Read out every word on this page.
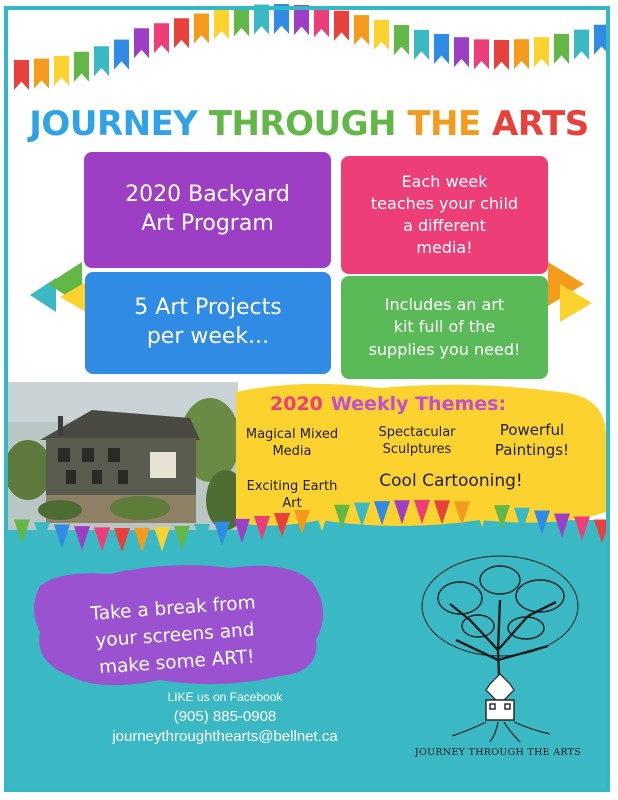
JOURNEY THROUGH THE ARTS
2020 Backyard
Art Program
Each week
teaches your child
a different
media!
5 Art Projects
per week...
Includes an art
kit full of the
supplies you need!
2020 Weekly Themes:
Magical Mixed
Media
Spectacular
Sculptures
Powerful
Paintings!
Exciting Earth
Art
Cool Cartooning!
Take a break from
your screens and
make some ART!
LIKE us on Facebook
(905) 885-0908
journeythroughthearts@bellnet.ca
JOURNEY THROUGH THE ARTS
